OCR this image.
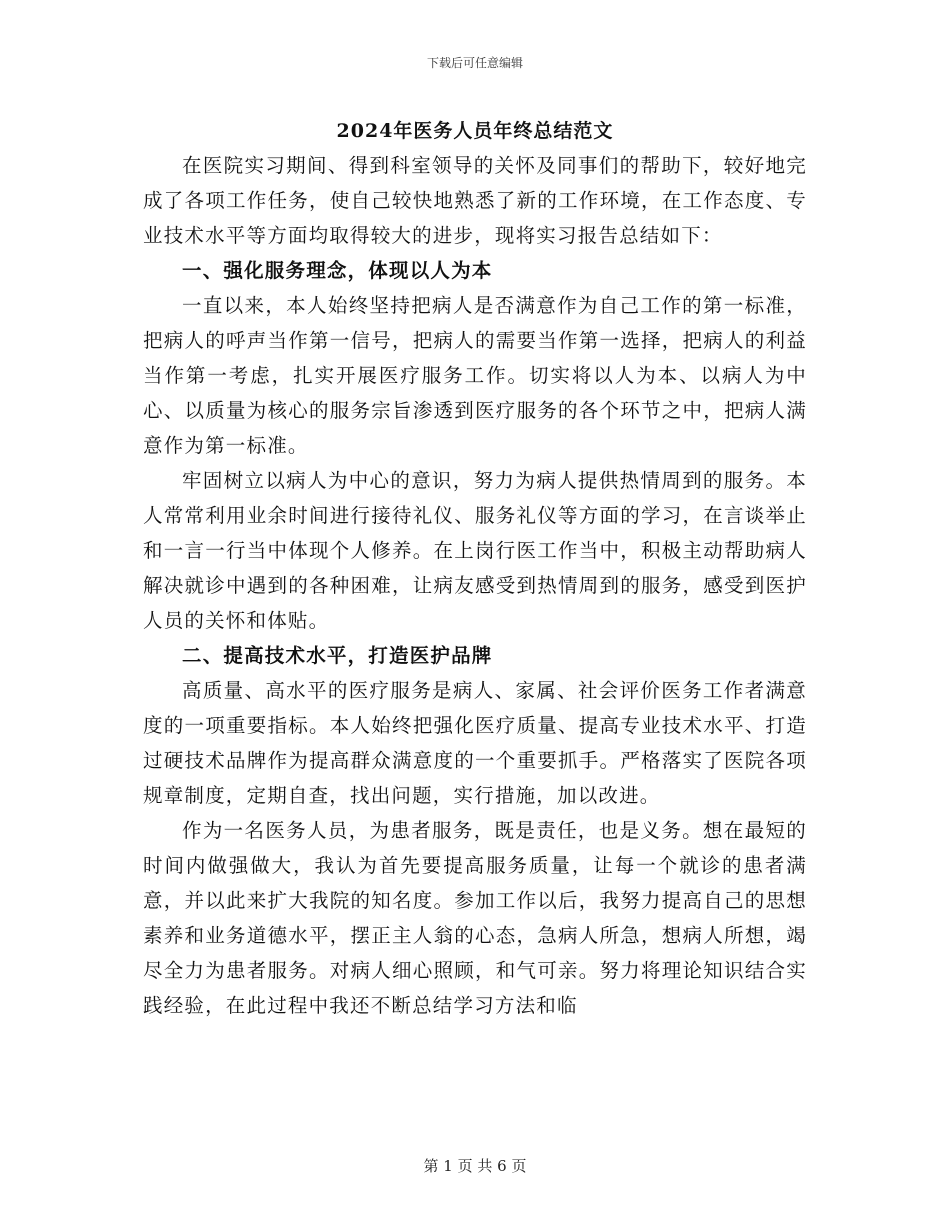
下载后可任意编辑
2024年医务人员年终总结范文

在医院实习期间、得到科室领导的关怀及同事们的帮助下，较好地完成了各项工作任务，使自己较快地熟悉了新的工作环境，在工作态度、专业技术水平等方面均取得较大的进步，现将实习报告总结如下：

一、强化服务理念，体现以人为本

一直以来，本人始终坚持把病人是否满意作为自己工作的第一标准，把病人的呼声当作第一信号，把病人的需要当作第一选择，把病人的利益当作第一考虑，扎实开展医疗服务工作。切实将以人为本、以病人为中心、以质量为核心的服务宗旨渗透到医疗服务的各个环节之中，把病人满意作为第一标准。

牢固树立以病人为中心的意识，努力为病人提供热情周到的服务。本人常常利用业余时间进行接待礼仪、服务礼仪等方面的学习，在言谈举止和一言一行当中体现个人修养。在上岗行医工作当中，积极主动帮助病人解决就诊中遇到的各种困难，让病友感受到热情周到的服务，感受到医护人员的关怀和体贴。

二、提高技术水平，打造医护品牌

高质量、高水平的医疗服务是病人、家属、社会评价医务工作者满意度的一项重要指标。本人始终把强化医疗质量、提高专业技术水平、打造过硬技术品牌作为提高群众满意度的一个重要抓手。严格落实了医院各项规章制度，定期自查，找出问题，实行措施，加以改进。

作为一名医务人员，为患者服务，既是责任，也是义务。想在最短的时间内做强做大，我认为首先要提高服务质量，让每一个就诊的患者满意，并以此来扩大我院的知名度。参加工作以后，我努力提高自己的思想素养和业务道德水平，摆正主人翁的心态，急病人所急，想病人所想，竭尽全力为患者服务。对病人细心照顾，和气可亲。努力将理论知识结合实践经验，在此过程中我还不断总结学习方法和临

第 1 页 共 6 页
